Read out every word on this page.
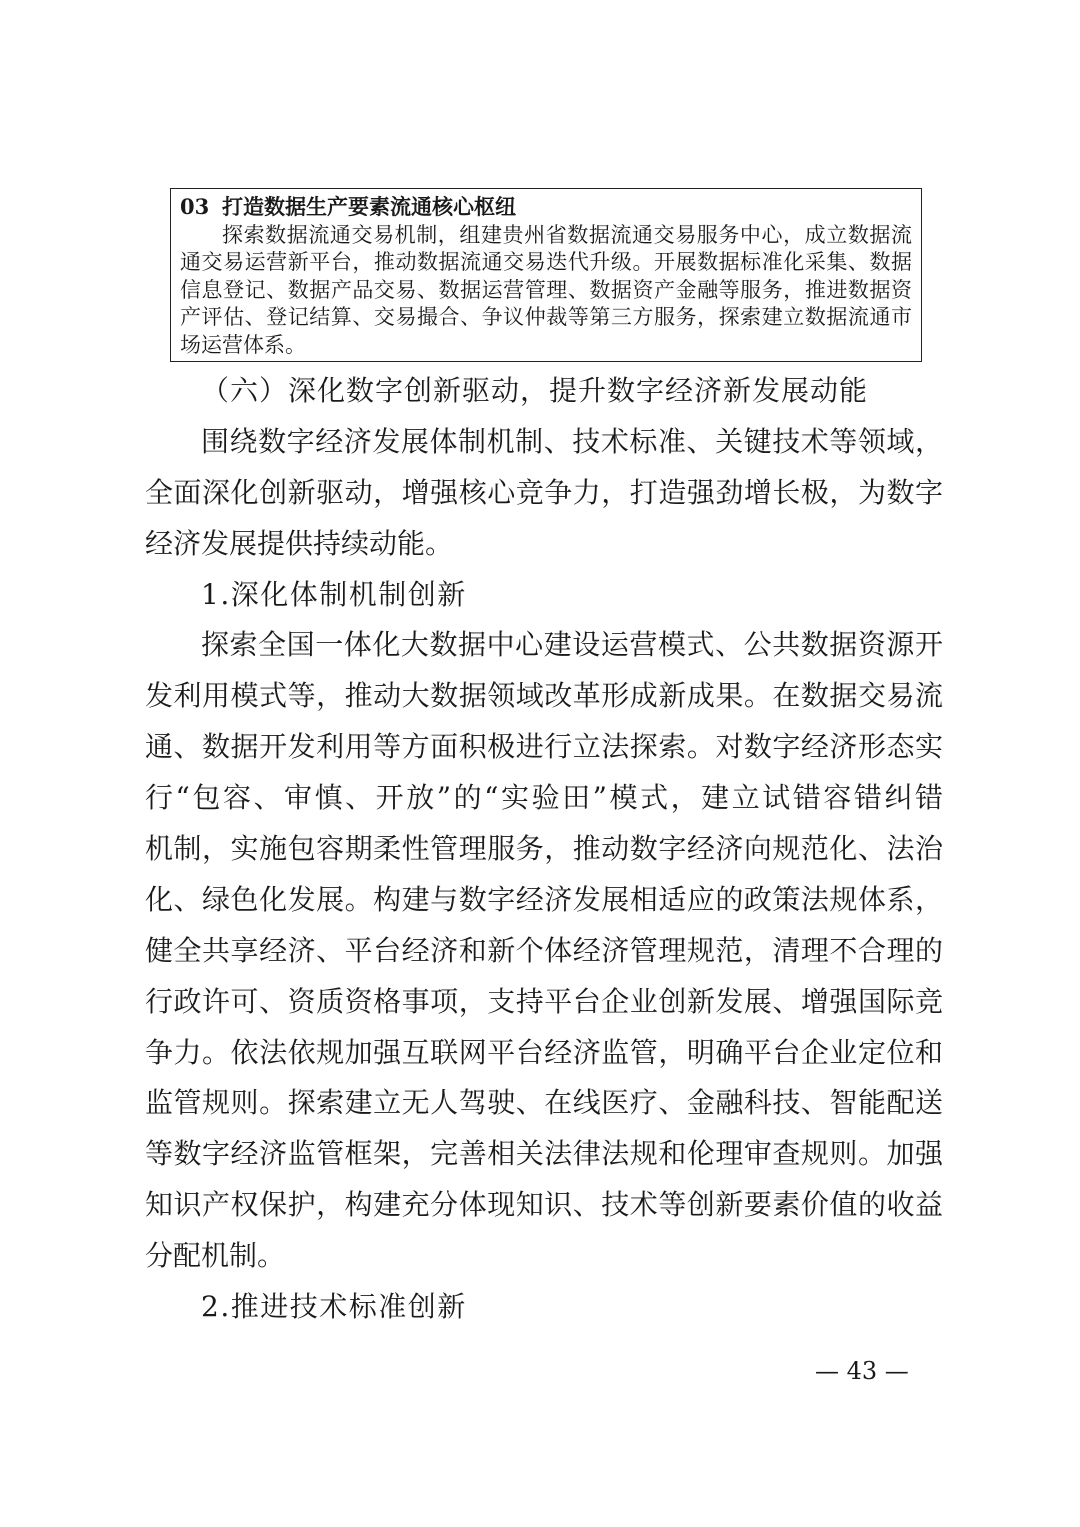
03 打造数据生产要素流通核心枢纽
探索数据流通交易机制，组建贵州省数据流通交易服务中心，成立数据流
通交易运营新平台，推动数据流通交易迭代升级。开展数据标准化采集、数据
信息登记、数据产品交易、数据运营管理、数据资产金融等服务，推进数据资
产评估、登记结算、交易撮合、争议仲裁等第三方服务，探索建立数据流通市
场运营体系。
（六）深化数字创新驱动，提升数字经济新发展动能
围绕数字经济发展体制机制、技术标准、关键技术等领域，
全面深化创新驱动，增强核心竞争力，打造强劲增长极，为数字
经济发展提供持续动能。
1.深化体制机制创新
探索全国一体化大数据中心建设运营模式、公共数据资源开
发利用模式等，推动大数据领域改革形成新成果。在数据交易流
通、数据开发利用等方面积极进行立法探索。对数字经济形态实
行“包容、审慎、开放”的“实验田”模式，建立试错容错纠错
机制，实施包容期柔性管理服务，推动数字经济向规范化、法治
化、绿色化发展。构建与数字经济发展相适应的政策法规体系，
健全共享经济、平台经济和新个体经济管理规范，清理不合理的
行政许可、资质资格事项，支持平台企业创新发展、增强国际竞
争力。依法依规加强互联网平台经济监管，明确平台企业定位和
监管规则。探索建立无人驾驶、在线医疗、金融科技、智能配送
等数字经济监管框架，完善相关法律法规和伦理审查规则。加强
知识产权保护，构建充分体现知识、技术等创新要素价值的收益
分配机制。
2.推进技术标准创新
— 43 —
